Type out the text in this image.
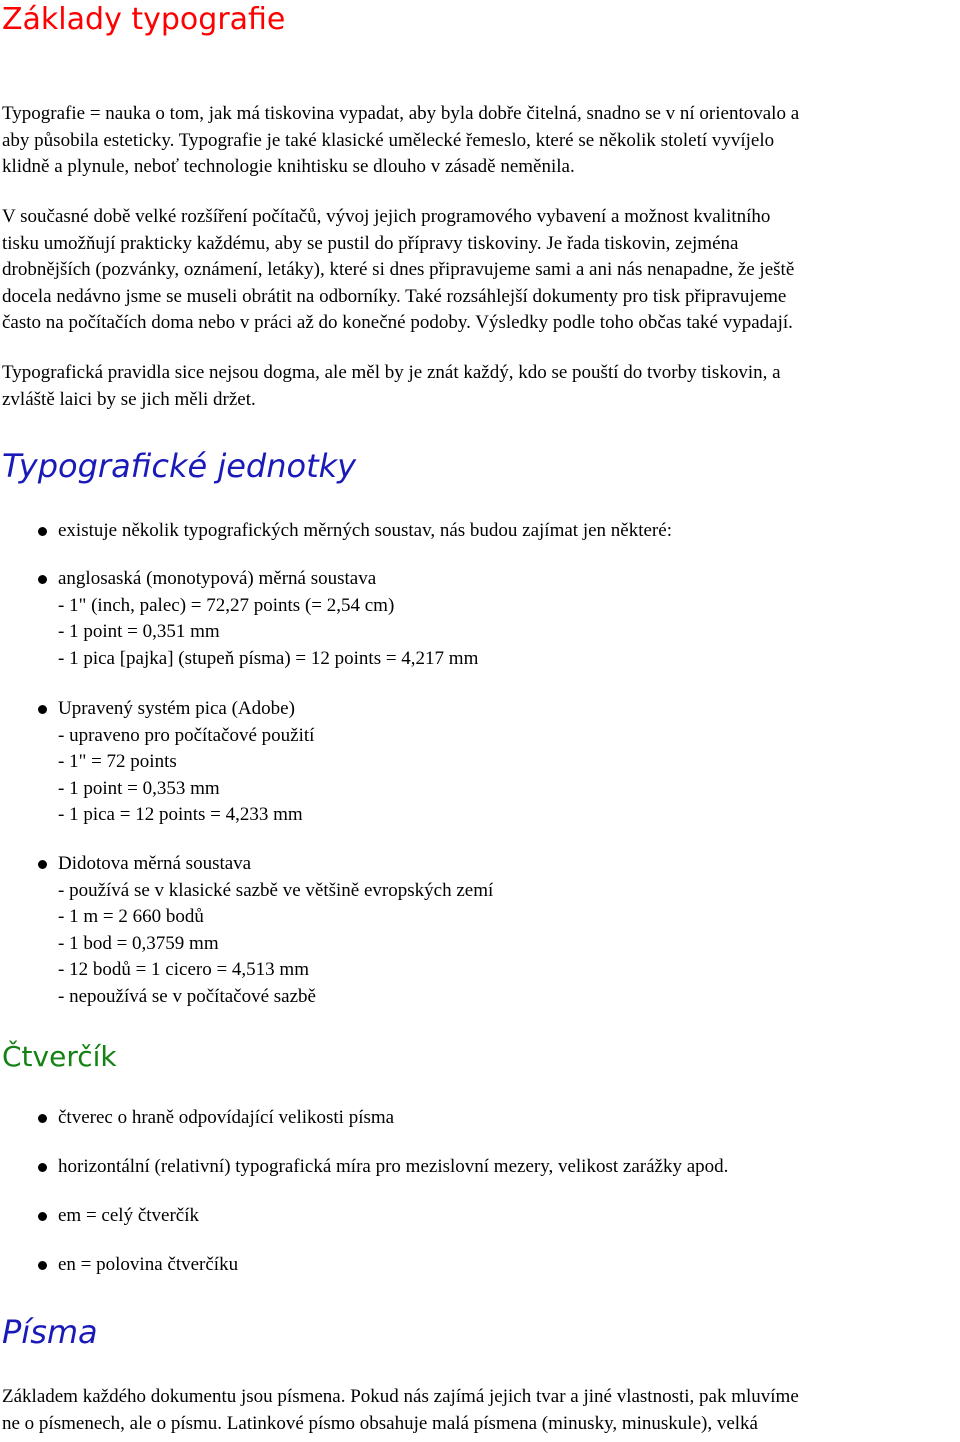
Základy typografie

Typografie = nauka o tom, jak má tiskovina vypadat, aby byla dobře čitelná, snadno se v ní orientovalo a
aby působila esteticky. Typografie je také klasické umělecké řemeslo, které se několik století vyvíjelo
klidně a plynule, neboť technologie knihtisku se dlouho v zásadě neměnila.

V současné době velké rozšíření počítačů, vývoj jejich programového vybavení a možnost kvalitního
tisku umožňují prakticky každému, aby se pustil do přípravy tiskoviny. Je řada tiskovin, zejména
drobnějších (pozvánky, oznámení, letáky), které si dnes připravujeme sami a ani nás nenapadne, že ještě
docela nedávno jsme se museli obrátit na odborníky. Také rozsáhlejší dokumenty pro tisk připravujeme
často na počítačích doma nebo v práci až do konečné podoby. Výsledky podle toho občas také vypadají.

Typografická pravidla sice nejsou dogma, ale měl by je znát každý, kdo se pouští do tvorby tiskovin, a
zvláště laici by se jich měli držet.

Typografické jednotky
existuje několik typografických měrných soustav, nás budou zajímat jen některé:
anglosaská (monotypová) měrná soustava
- 1" (inch, palec) = 72,27 points (= 2,54 cm)
- 1 point = 0,351 mm
- 1 pica [pajka] (stupeň písma) = 12 points = 4,217 mm
Upravený systém pica (Adobe)
- upraveno pro počítačové použití
- 1" = 72 points
- 1 point = 0,353 mm
- 1 pica = 12 points = 4,233 mm
Didotova měrná soustava
- používá se v klasické sazbě ve většině evropských zemí
- 1 m = 2 660 bodů
- 1 bod = 0,3759 mm
- 12 bodů = 1 cicero = 4,513 mm
- nepoužívá se v počítačové sazbě
Čtverčík
čtverec o hraně odpovídající velikosti písma
horizontální (relativní) typografická míra pro mezislovní mezery, velikost zarážky apod.
em = celý čtverčík
en = polovina čtverčíku
Písma

Základem každého dokumentu jsou písmena. Pokud nás zajímá jejich tvar a jiné vlastnosti, pak mluvíme
ne o písmenech, ale o písmu. Latinkové písmo obsahuje malá písmena (minusky, minuskule), velká
